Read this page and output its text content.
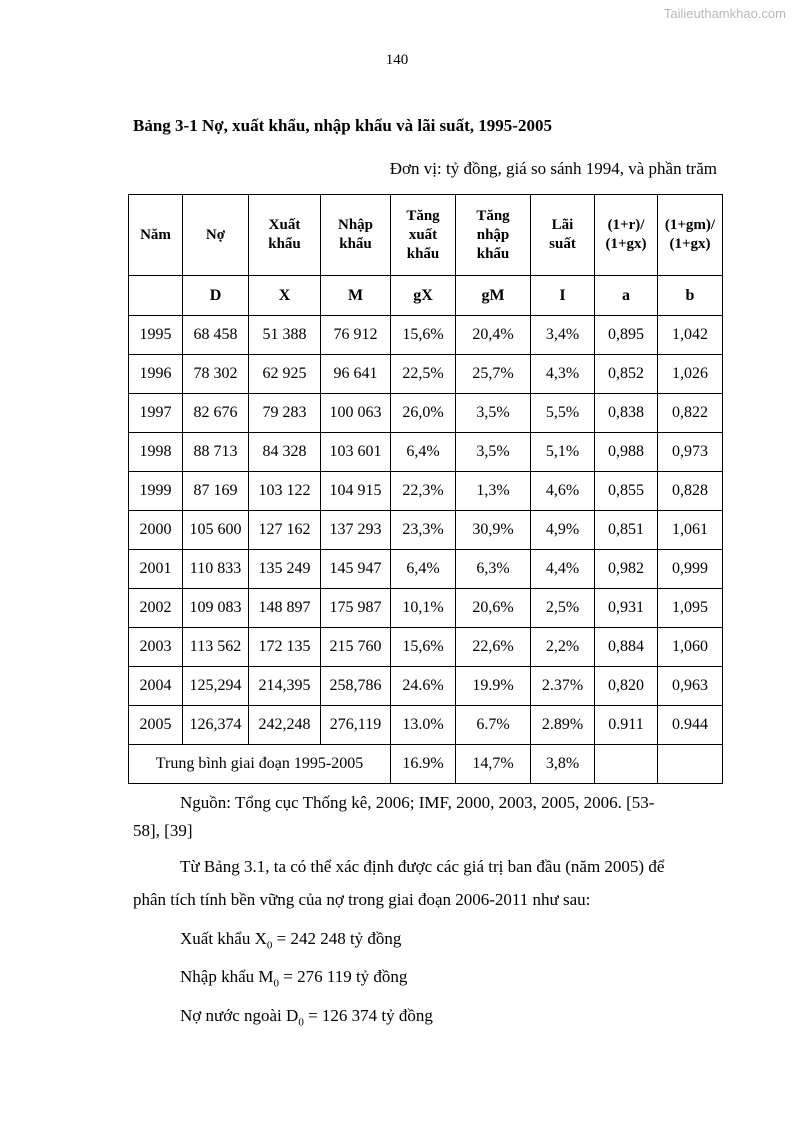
Tailieuthamkhao.com
140
Bảng 3-1 Nợ, xuất khẩu, nhập khẩu và lãi suất, 1995-2005
Đơn vị: tỷ đồng, giá so sánh 1994, và phần trăm
Năm	Nợ	Xuất khẩu	Nhập khẩu	Tăng xuất khẩu	Tăng nhập khẩu	Lãi suất	(1+r)/ (1+gx)	(1+gm)/ (1+gx)
	D	X	M	gX	gM	I	a	b
1995	68 458	51 388	76 912	15,6%	20,4%	3,4%	0,895	1,042
1996	78 302	62 925	96 641	22,5%	25,7%	4,3%	0,852	1,026
1997	82 676	79 283	100 063	26,0%	3,5%	5,5%	0,838	0,822
1998	88 713	84 328	103 601	6,4%	3,5%	5,1%	0,988	0,973
1999	87 169	103 122	104 915	22,3%	1,3%	4,6%	0,855	0,828
2000	105 600	127 162	137 293	23,3%	30,9%	4,9%	0,851	1,061
2001	110 833	135 249	145 947	6,4%	6,3%	4,4%	0,982	0,999
2002	109 083	148 897	175 987	10,1%	20,6%	2,5%	0,931	1,095
2003	113 562	172 135	215 760	15,6%	22,6%	2,2%	0,884	1,060
2004	125,294	214,395	258,786	24.6%	19.9%	2.37%	0,820	0,963
2005	126,374	242,248	276,119	13.0%	6.7%	2.89%	0.911	0.944
Trung bình giai đoạn 1995-2005				16.9%	14,7%	3,8%		
Nguồn: Tổng cục Thống kê, 2006; IMF, 2000, 2003, 2005, 2006. [53-
58], [39]
Từ Bảng 3.1, ta có thể xác định được các giá trị ban đầu (năm 2005) để
phân tích tính bền vững của nợ trong giai đoạn 2006-2011 như sau:
Xuất khẩu $X_0 = 242$ 248 tỷ đồng
Nhập khẩu $M_0 = 276$ 119 tỷ đồng
Nợ nước ngoài $D_0 = 126$ 374 tỷ đồng
